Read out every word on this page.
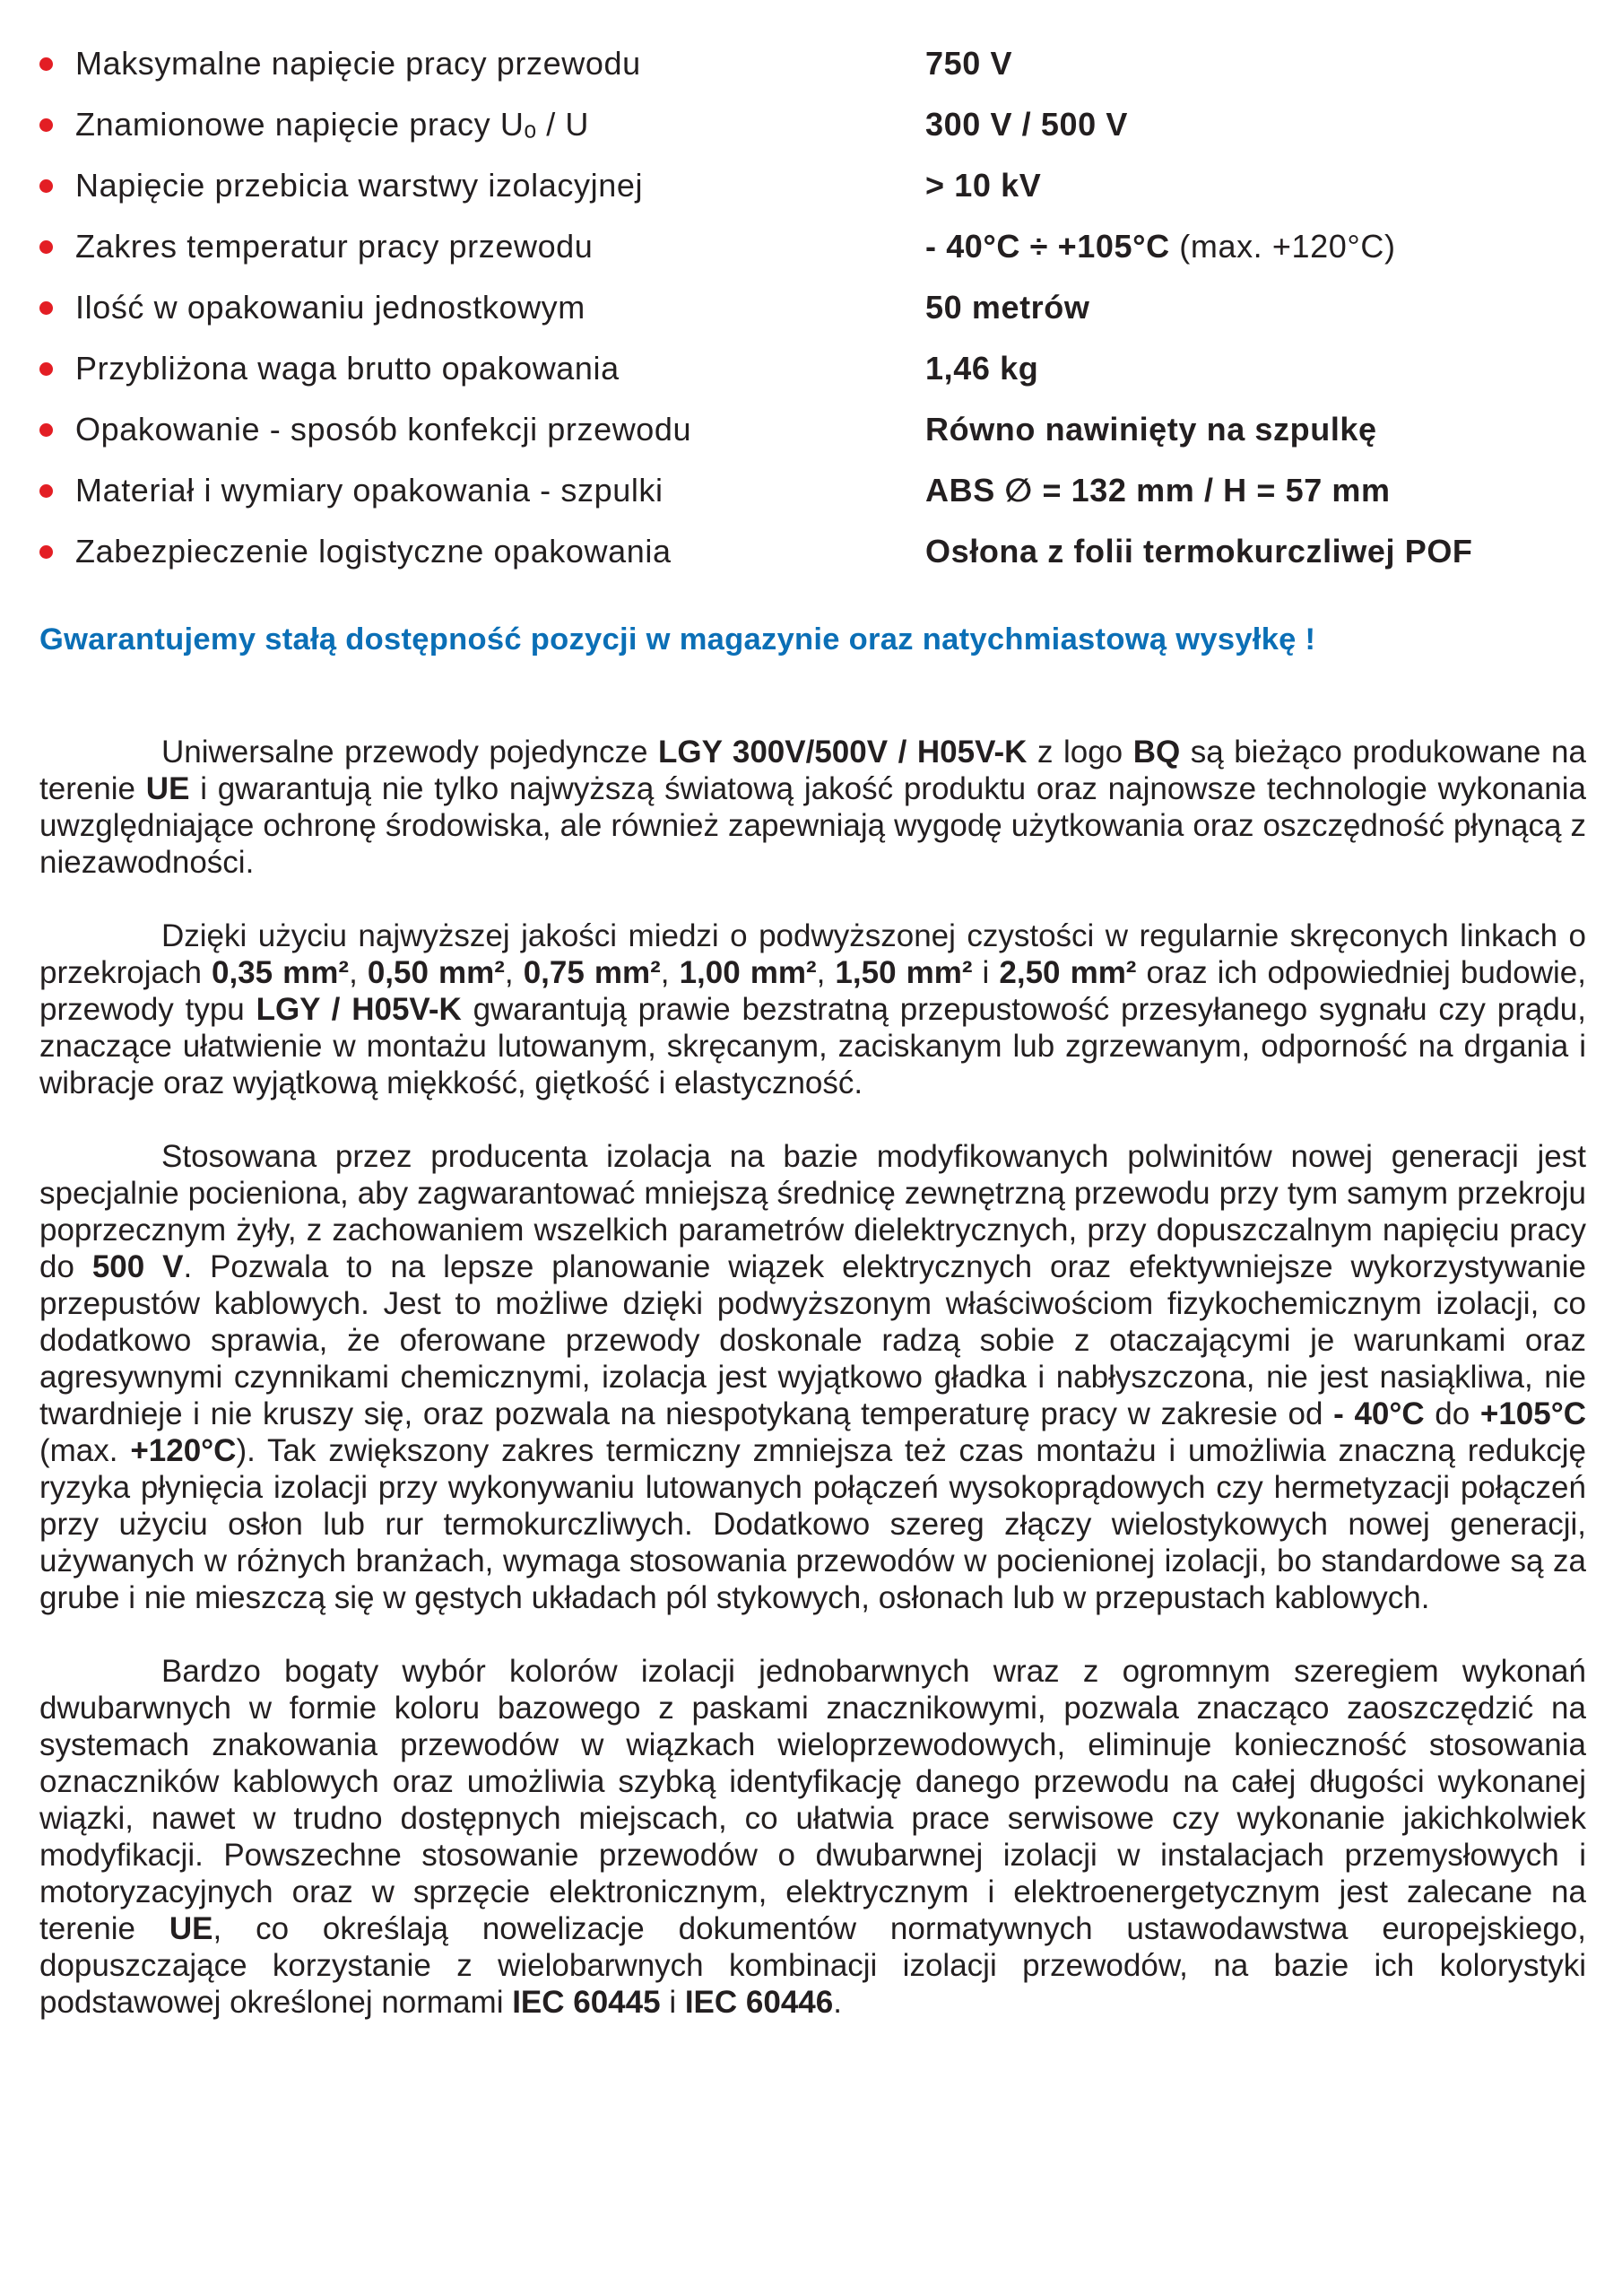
Maksymalne napięcie pracy przewodu	750 V
Znamionowe napięcie pracy Uₒ / U	300 V / 500 V
Napięcie przebicia warstwy izolacyjnej	> 10 kV
Zakres temperatur pracy przewodu	- 40°C ÷ +105°C (max. +120°C)
Ilość w opakowaniu jednostkowym	50 metrów
Przybliżona waga brutto opakowania	1,46 kg
Opakowanie - sposób konfekcji przewodu	Równo nawinięty na szpulkę
Materiał i wymiary opakowania - szpulki	ABS ∅ = 132 mm / H = 57 mm
Zabezpieczenie logistyczne opakowania	Osłona z folii termokurczliwej POF
Gwarantujemy stałą dostępność pozycji w magazynie oraz natychmiastową wysyłkę !

Uniwersalne przewody pojedyncze LGY 300V/500V / H05V-K z logo BQ są bieżąco produkowane na terenie UE i gwarantują nie tylko najwyższą światową jakość produktu oraz najnowsze technologie wykonania uwzględniające ochronę środowiska, ale również zapewniają wygodę użytkowania oraz oszczędność płynącą z niezawodności.

Dzięki użyciu najwyższej jakości miedzi o podwyższonej czystości w regularnie skręconych linkach o przekrojach 0,35 mm², 0,50 mm², 0,75 mm², 1,00 mm², 1,50 mm² i 2,50 mm² oraz ich odpowiedniej budowie, przewody typu LGY / H05V-K gwarantują prawie bezstratną przepustowość przesyłanego sygnału czy prądu, znaczące ułatwienie w montażu lutowanym, skręcanym, zaciskanym lub zgrzewanym, odporność na drgania i wibracje oraz wyjątkową miękkość, giętkość i elastyczność.

Stosowana przez producenta izolacja na bazie modyfikowanych polwinitów nowej generacji jest specjalnie pocieniona, aby zagwarantować mniejszą średnicę zewnętrzną przewodu przy tym samym przekroju poprzecznym żyły, z zachowaniem wszelkich parametrów dielektrycznych, przy dopuszczalnym napięciu pracy do 500 V. Pozwala to na lepsze planowanie wiązek elektrycznych oraz efektywniejsze wykorzystywanie przepustów kablowych. Jest to możliwe dzięki podwyższonym właściwościom fizykochemicznym izolacji, co dodatkowo sprawia, że oferowane przewody doskonale radzą sobie z otaczającymi je warunkami oraz agresywnymi czynnikami chemicznymi, izolacja jest wyjątkowo gładka i nabłyszczona, nie jest nasiąkliwa, nie twardnieje i nie kruszy się, oraz pozwala na niespotykaną temperaturę pracy w zakresie od - 40°C do +105°C (max. +120°C). Tak zwiększony zakres termiczny zmniejsza też czas montażu i umożliwia znaczną redukcję ryzyka płynięcia izolacji przy wykonywaniu lutowanych połączeń wysokoprądowych czy hermetyzacji połączeń przy użyciu osłon lub rur termokurczliwych. Dodatkowo szereg złączy wielostykowych nowej generacji, używanych w różnych branżach, wymaga stosowania przewodów w pocienionej izolacji, bo standardowe są za grube i nie mieszczą się w gęstych układach pól stykowych, osłonach lub w przepustach kablowych.

Bardzo bogaty wybór kolorów izolacji jednobarwnych wraz z ogromnym szeregiem wykonań dwubarwnych w formie koloru bazowego z paskami znacznikowymi, pozwala znacząco zaoszczędzić na systemach znakowania przewodów w wiązkach wieloprzewodowych, eliminuje konieczność stosowania oznaczników kablowych oraz umożliwia szybką identyfikację danego przewodu na całej długości wykonanej wiązki, nawet w trudno dostępnych miejscach, co ułatwia prace serwisowe czy wykonanie jakichkolwiek modyfikacji. Powszechne stosowanie przewodów o dwubarwnej izolacji w instalacjach przemysłowych i motoryzacyjnych oraz w sprzęcie elektronicznym, elektrycznym i elektroenergetycznym jest zalecane na terenie UE, co określają nowelizacje dokumentów normatywnych ustawodawstwa europejskiego, dopuszczające korzystanie z wielobarwnych kombinacji izolacji przewodów, na bazie ich kolorystyki podstawowej określonej normami IEC 60445 i IEC 60446.
